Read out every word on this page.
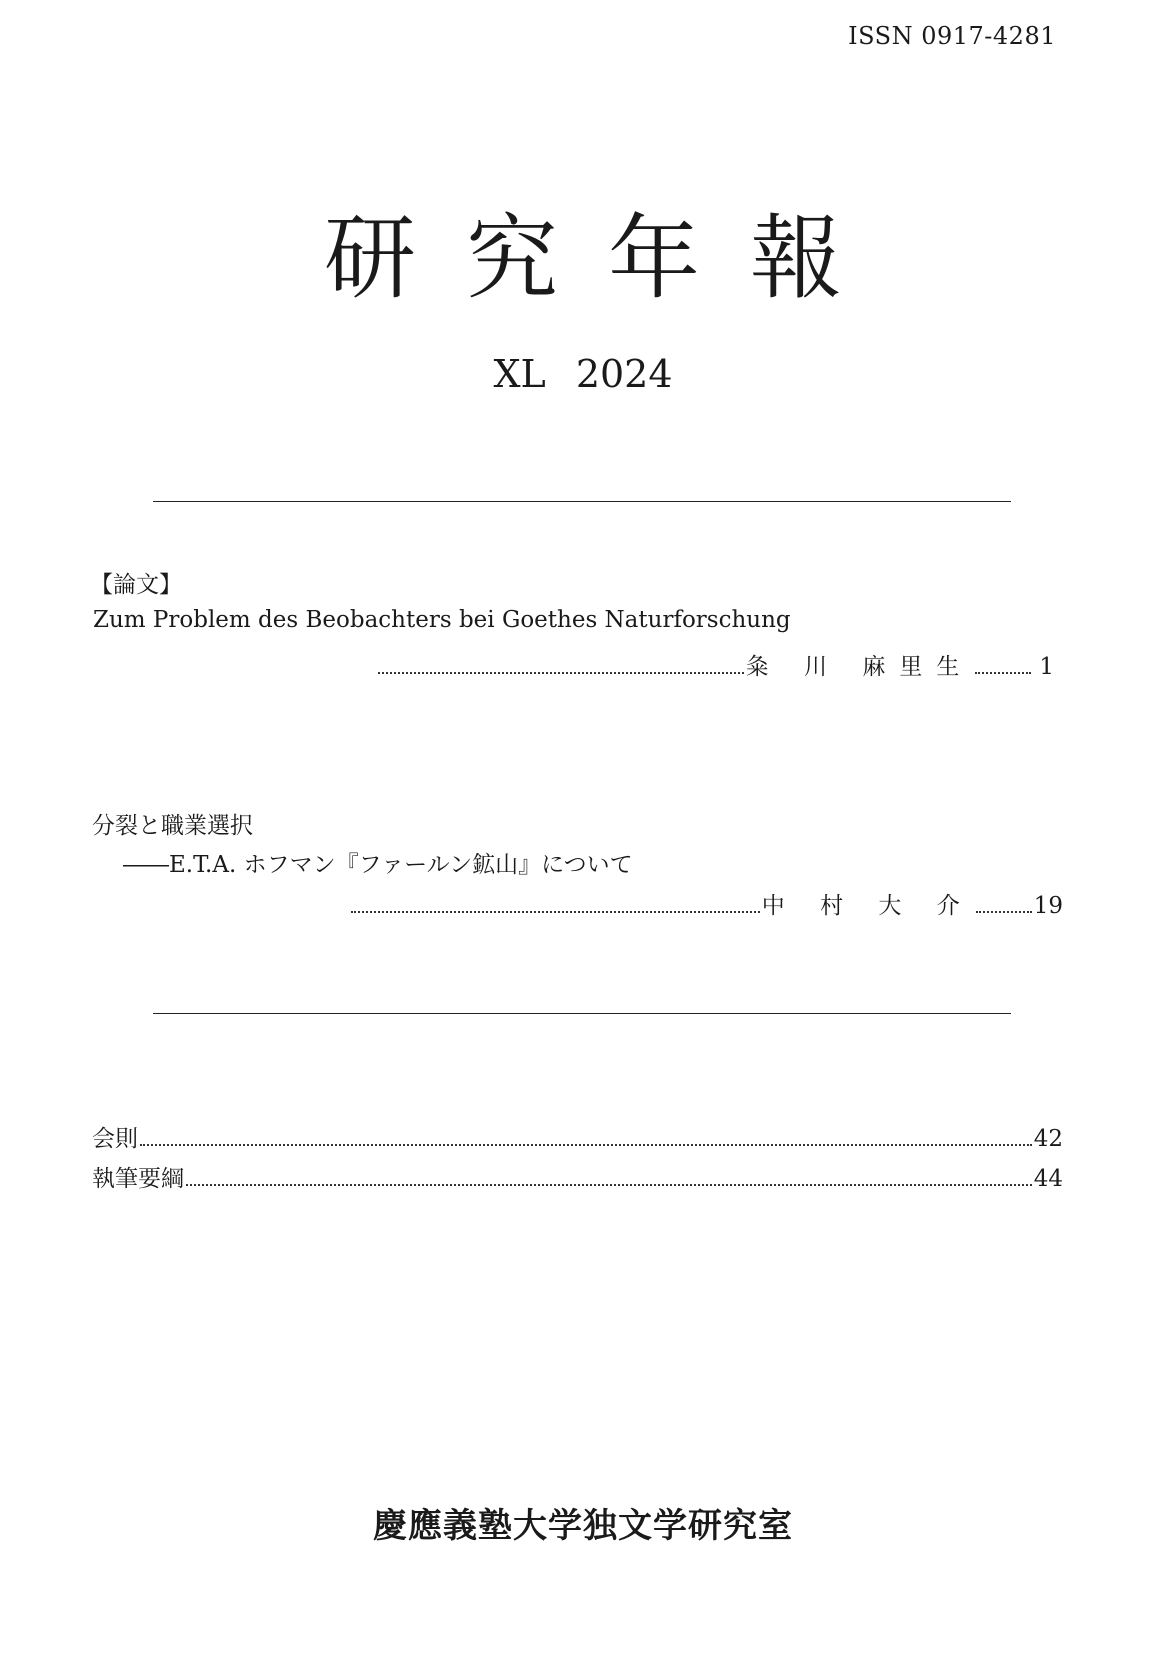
ISSN 0917-4281
研究年報
XL 2024
【論文】
Zum Problem des Beobachters bei Goethes Naturforschung
粂 川 麻里生	1
分裂と職業選択
――E.T.A. ホフマン『ファールン鉱山』について
中 村 大 介	19
会則	42
執筆要綱	44
慶應義塾大学独文学研究室
